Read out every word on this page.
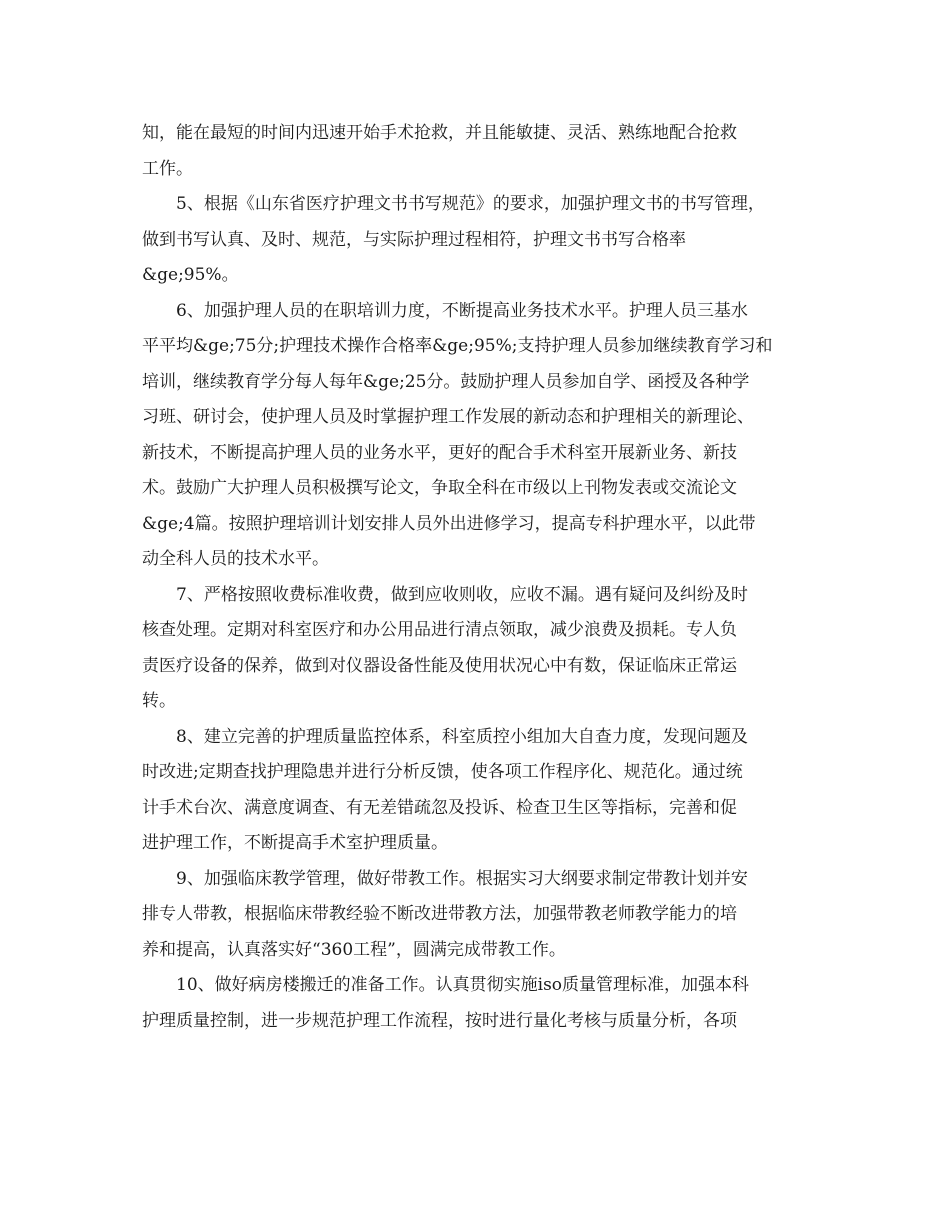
知，能在最短的时间内迅速开始手术抢救，并且能敏捷、灵活、熟练地配合抢救
工作。

5、根据《山东省医疗护理文书书写规范》的要求，加强护理文书的书写管理，
做到书写认真、及时、规范，与实际护理过程相符，护理文书书写合格率
&ge;95%。

6、加强护理人员的在职培训力度，不断提高业务技术水平。护理人员三基水
平平均&ge;75分;护理技术操作合格率&ge;95%;支持护理人员参加继续教育学习和
培训，继续教育学分每人每年&ge;25分。鼓励护理人员参加自学、函授及各种学
习班、研讨会，使护理人员及时掌握护理工作发展的新动态和护理相关的新理论、
新技术，不断提高护理人员的业务水平，更好的配合手术科室开展新业务、新技
术。鼓励广大护理人员积极撰写论文，争取全科在市级以上刊物发表或交流论文
&ge;4篇。按照护理培训计划安排人员外出进修学习，提高专科护理水平，以此带
动全科人员的技术水平。

7、严格按照收费标准收费，做到应收则收，应收不漏。遇有疑问及纠纷及时
核查处理。定期对科室医疗和办公用品进行清点领取，减少浪费及损耗。专人负
责医疗设备的保养，做到对仪器设备性能及使用状况心中有数，保证临床正常运
转。

8、建立完善的护理质量监控体系，科室质控小组加大自查力度，发现问题及
时改进;定期查找护理隐患并进行分析反馈，使各项工作程序化、规范化。通过统
计手术台次、满意度调查、有无差错疏忽及投诉、检查卫生区等指标，完善和促
进护理工作，不断提高手术室护理质量。

9、加强临床教学管理，做好带教工作。根据实习大纲要求制定带教计划并安
排专人带教，根据临床带教经验不断改进带教方法，加强带教老师教学能力的培
养和提高，认真落实好“360工程”，圆满完成带教工作。

10、做好病房楼搬迁的准备工作。认真贯彻实施iso质量管理标准，加强本科
护理质量控制，进一步规范护理工作流程，按时进行量化考核与质量分析，各项
